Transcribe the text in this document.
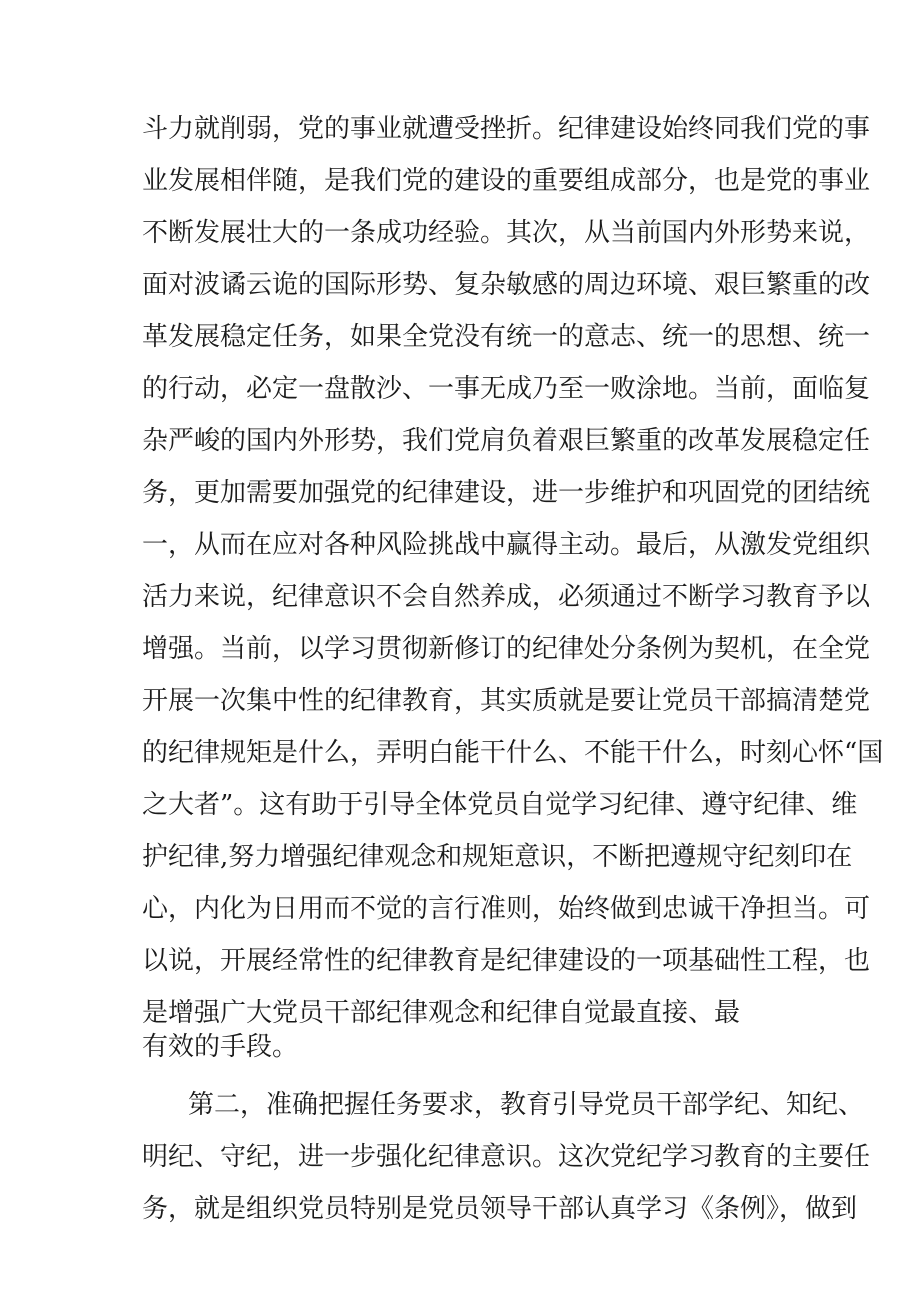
斗力就削弱，党的事业就遭受挫折。纪律建设始终同我们党的事
业发展相伴随，是我们党的建设的重要组成部分，也是党的事业
不断发展壮大的一条成功经验。其次，从当前国内外形势来说，
面对波谲云诡的国际形势、复杂敏感的周边环境、艰巨繁重的改
革发展稳定任务，如果全党没有统一的意志、统一的思想、统一
的行动，必定一盘散沙、一事无成乃至一败涂地。当前，面临复
杂严峻的国内外形势，我们党肩负着艰巨繁重的改革发展稳定任
务，更加需要加强党的纪律建设，进一步维护和巩固党的团结统
一，从而在应对各种风险挑战中赢得主动。最后，从激发党组织
活力来说，纪律意识不会自然养成，必须通过不断学习教育予以
增强。当前，以学习贯彻新修订的纪律处分条例为契机，在全党
开展一次集中性的纪律教育，其实质就是要让党员干部搞清楚党
的纪律规矩是什么，弄明白能干什么、不能干什么，时刻心怀“国
之大者”。这有助于引导全体党员自觉学习纪律、遵守纪律、维
护纪律,努力增强纪律观念和规矩意识，不断把遵规守纪刻印在
心，内化为日用而不觉的言行准则，始终做到忠诚干净担当。可
以说，开展经常性的纪律教育是纪律建设的一项基础性工程，也
是增强广大党员干部纪律观念和纪律自觉最直接、最
有效的手段。
第二，准确把握任务要求，教育引导党员干部学纪、知纪、
明纪、守纪，进一步强化纪律意识。这次党纪学习教育的主要任
务，就是组织党员特别是党员领导干部认真学习《条例》，做到
